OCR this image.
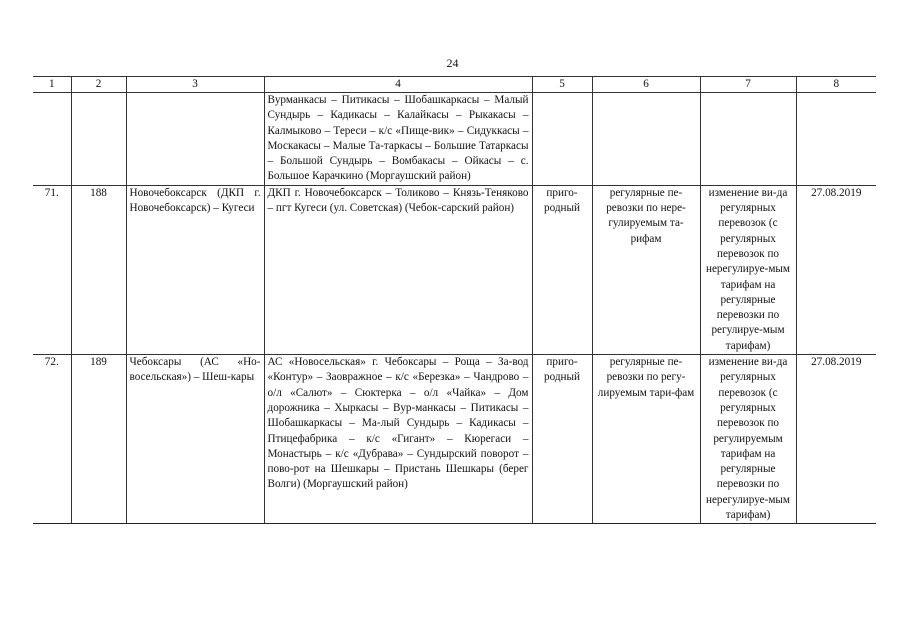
24
1	2	3	4	5	6	7	8
			Вурманкасы – Питикасы – Шобашкаркасы – Малый Сундырь – Кадикасы – Калайкасы – Рыкакасы – Калмыково – Тереси – к/с «Пище-вик» – Сидуккасы – Москакасы – Малые Та-таркасы – Большие Татаркасы – Большой Сундырь – Вомбакасы – Ойкасы – с. Большое Карачкино (Моргаушский район)				
71.	188	Новочебоксарск (ДКП г. Новочебоксарск) – Кугеси	ДКП г. Новочебоксарск – Толиково – Князь-Теняково – пгт Кугеси (ул. Советская) (Чебок-сарский район)	приго-родный	регулярные пе-ревозки по нере-гулируемым та-рифам	изменение ви-да регулярных перевозок (с регулярных перевозок по нерегулируе-мым тарифам на регулярные перевозки по регулируе-мым тарифам)	27.08.2019
72.	189	Чебоксары (АС «Но-восельская») – Шеш-кары	АС «Новосельская» г. Чебоксары – Роща – За-вод «Контур» – Заовражное – к/с «Березка» – Чандрово – о/л «Салют» – Сюктерка – о/л «Чайка» – Дом дорожника – Хыркасы – Вур-манкасы – Питикасы – Шобашкаркасы – Ма-лый Сундырь – Кадикасы – Птицефабрика – к/с «Гигант» – Кюрегаси – Монастырь – к/с «Дубрава» – Сундырский поворот – пово-рот на Шешкары – Пристань Шешкары (берег Волги) (Моргаушский район)	приго-родный	регулярные пе-ревозки по регу-лируемым тари-фам	изменение ви-да регулярных перевозок (с регулярных перевозок по регулируемым тарифам на регулярные перевозки по нерегулируе-мым тарифам)	27.08.2019
